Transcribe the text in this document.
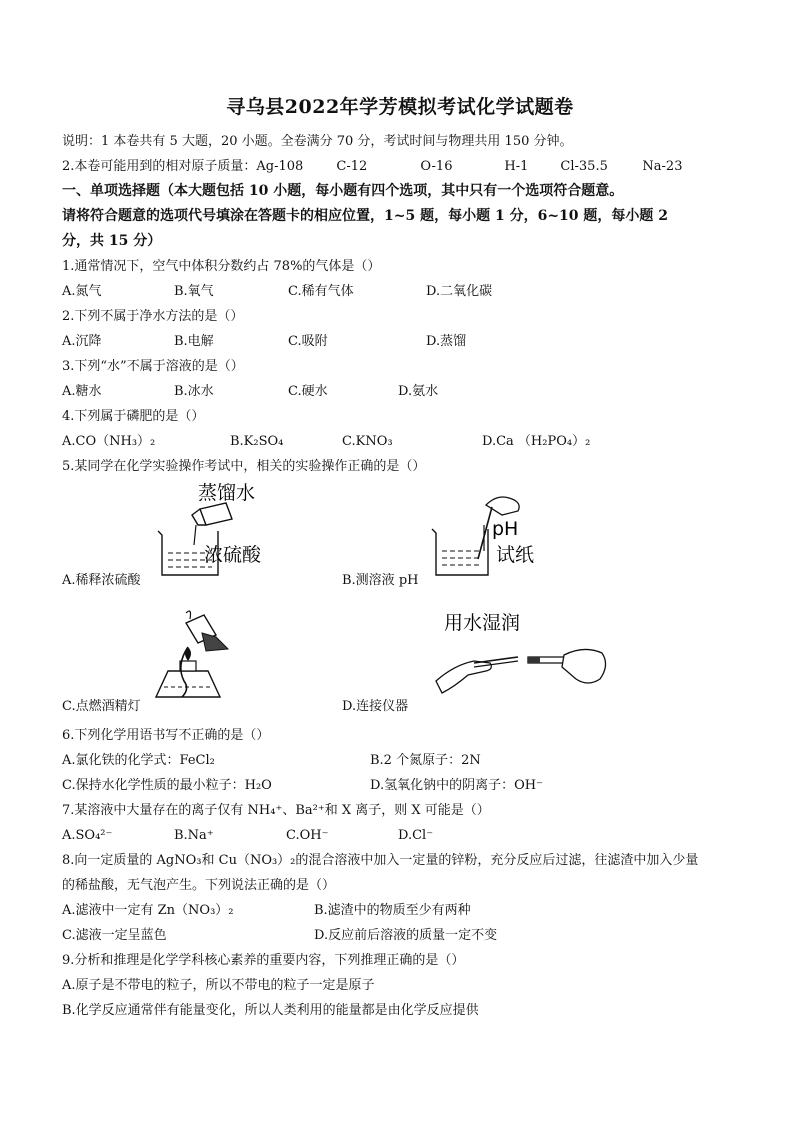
寻乌县2022年学芳模拟考试化学试题卷
说明：1 本卷共有 5 大题，20 小题。全卷满分 70 分，考试时间与物理共用 150 分钟。
2.本卷可能用到的相对原子质量：Ag-108	C-12	O-16	H-1 Cl-35.5	Na-23
一、单项选择题（本大题包括 10 小题，每小题有四个选项，其中只有一个选项符合题意。
请将符合题意的选项代号填涂在答题卡的相应位置，1~5 题，每小题 1 分，6~10 题，每小题 2
分，共 15 分）
1.通常情况下，空气中体积分数约占 78%的气体是（）
A.氮气	B.氧气	C.稀有气体	D.二氧化碳
2.下列不属于净水方法的是（）
A.沉降	B.电解	C.吸附	D.蒸馏
3.下列“水”不属于溶液的是（）
A.糖水	B.冰水	C.硬水	D.氨水
4.下列属于磷肥的是（）
A.CO（NH₃）₂	B.K₂SO₄	C.KNO₃	D.Ca （H₂PO₄）₂
5.某同学在化学实验操作考试中，相关的实验操作正确的是（）
蒸馏水
浓硫酸
A.稀释浓硫酸
pH
试纸
B.测溶液 pH
C.点燃酒精灯
用水湿润
D.连接仪器
6.下列化学用语书写不正确的是（）
A.氯化铁的化学式：FeCl₂	B.2 个氮原子：2N
C.保持水化学性质的最小粒子：H₂O	D.氢氧化钠中的阴离子：OH⁻
7.某溶液中大量存在的离子仅有 NH₄⁺、Ba²⁺和 X 离子，则 X 可能是（）
A.SO₄²⁻	B.Na⁺	C.OH⁻	D.Cl⁻
8.向一定质量的 AgNO₃和 Cu（NO₃）₂的混合溶液中加入一定量的锌粉，充分反应后过滤，往滤渣中加入少量
的稀盐酸，无气泡产生。下列说法正确的是（）
A.滤液中一定有 Zn（NO₃）₂	B.滤渣中的物质至少有两种
C.滤液一定呈蓝色	D.反应前后溶液的质量一定不变
9.分析和推理是化学学科核心素养的重要内容，下列推理正确的是（）
A.原子是不带电的粒子，所以不带电的粒子一定是原子
B.化学反应通常伴有能量变化，所以人类利用的能量都是由化学反应提供
